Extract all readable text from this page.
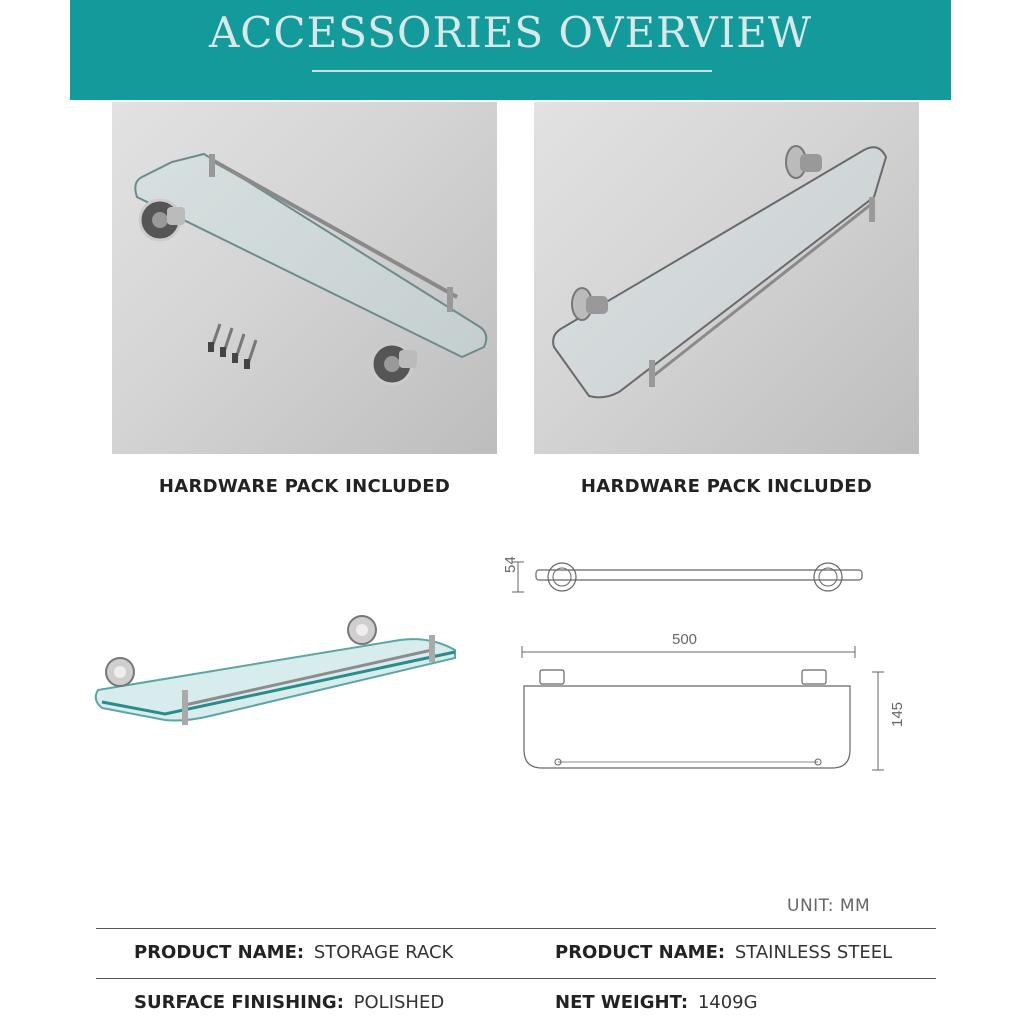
ACCESSORIES OVERVIEW
HARDWARE PACK INCLUDED	HARDWARE PACK INCLUDED
54
500
145
UNIT: MM
PRODUCT NAME: STORAGE RACK	PRODUCT NAME: STAINLESS STEEL
SURFACE FINISHING: POLISHED	NET WEIGHT: 1409G
